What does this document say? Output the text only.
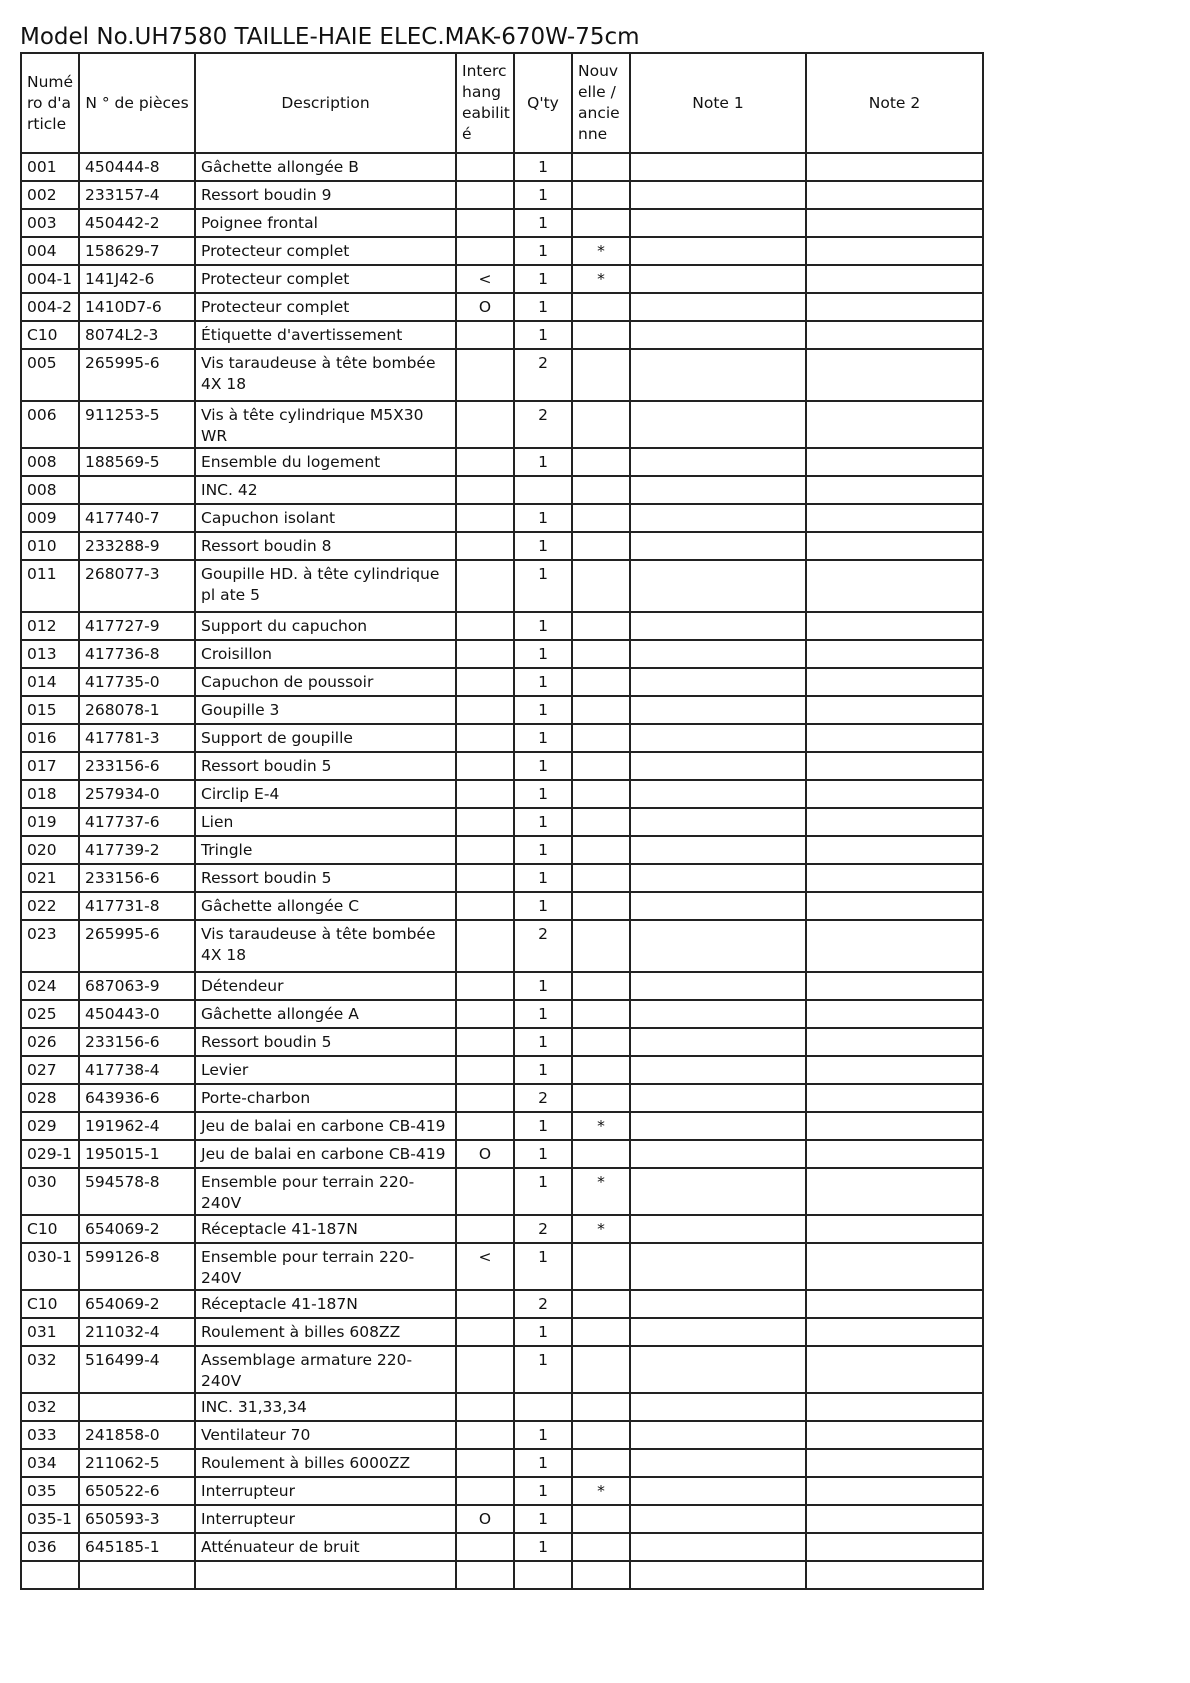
Model No.UH7580 TAILLE-HAIE ELEC.MAK-670W-75cm
Numé ro d'a rticle	N ° de pièces	Description	Interc hang eabilit é	Q'ty	Nouv elle / ancie nne	Note 1	Note 2
001	450444-8	Gâchette allongée B		1			
002	233157-4	Ressort boudin 9		1			
003	450442-2	Poignee frontal		1			
004	158629-7	Protecteur complet		1	*		
004-1	141J42-6	Protecteur complet	<	1	*		
004-2	1410D7-6	Protecteur complet	O	1			
C10	8074L2-3	Étiquette d'avertissement		1			
005	265995-6	Vis taraudeuse à tête bombée 4X 18		2			
006	911253-5	Vis à tête cylindrique M5X30 WR		2			
008	188569-5	Ensemble du logement		1			
008		INC. 42					
009	417740-7	Capuchon isolant		1			
010	233288-9	Ressort boudin 8		1			
011	268077-3	Goupille HD. à tête cylindrique pl ate 5		1			
012	417727-9	Support du capuchon		1			
013	417736-8	Croisillon		1			
014	417735-0	Capuchon de poussoir		1			
015	268078-1	Goupille 3		1			
016	417781-3	Support de goupille		1			
017	233156-6	Ressort boudin 5		1			
018	257934-0	Circlip E-4		1			
019	417737-6	Lien		1			
020	417739-2	Tringle		1			
021	233156-6	Ressort boudin 5		1			
022	417731-8	Gâchette allongée C		1			
023	265995-6	Vis taraudeuse à tête bombée 4X 18		2			
024	687063-9	Détendeur		1			
025	450443-0	Gâchette allongée A		1			
026	233156-6	Ressort boudin 5		1			
027	417738-4	Levier		1			
028	643936-6	Porte-charbon		2			
029	191962-4	Jeu de balai en carbone CB-419		1	*		
029-1	195015-1	Jeu de balai en carbone CB-419	O	1			
030	594578-8	Ensemble pour terrain 220-240V		1	*		
C10	654069-2	Réceptacle 41-187N		2	*		
030-1	599126-8	Ensemble pour terrain 220-240V	<	1			
C10	654069-2	Réceptacle 41-187N		2			
031	211032-4	Roulement à billes 608ZZ		1			
032	516499-4	Assemblage armature 220-240V		1			
032		INC. 31,33,34					
033	241858-0	Ventilateur 70		1			
034	211062-5	Roulement à billes 6000ZZ		1			
035	650522-6	Interrupteur		1	*		
035-1	650593-3	Interrupteur	O	1			
036	645185-1	Atténuateur de bruit		1			
